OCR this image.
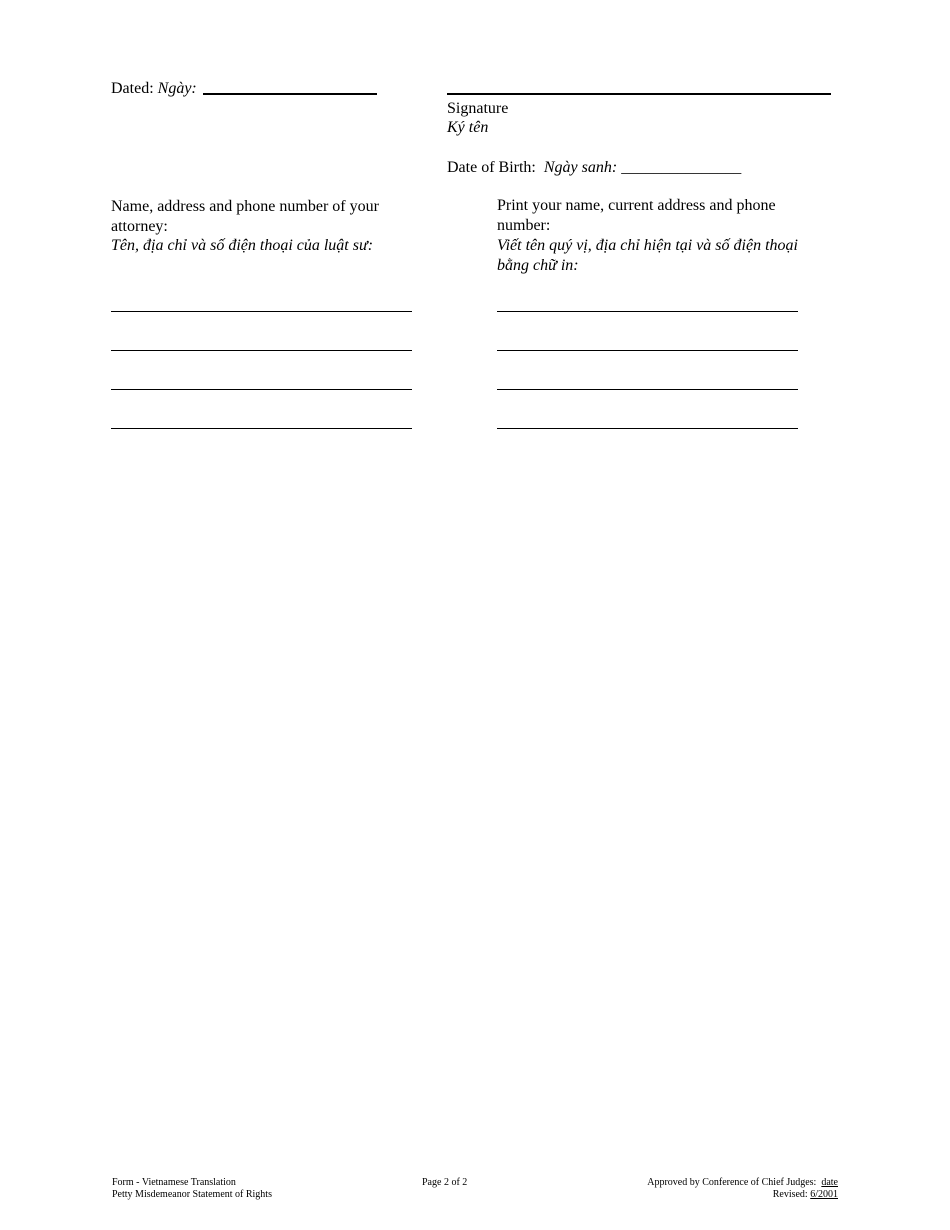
Dated: Ngày:
Signature
Ký tên
Date of Birth: Ngày sanh: _______________
Name, address and phone number of your attorney:
Tên, địa chỉ và số điện thoại của luật sư:
Print your name, current address and phone number:
Viết tên quý vị, địa chỉ hiện tại và số điện thoại bằng chữ in:
Form - Vietnamese Translation
Petty Misdemeanor Statement of Rights
Page 2 of 2	Approved by Conference of Chief Judges: date
Revised: 6/2001
